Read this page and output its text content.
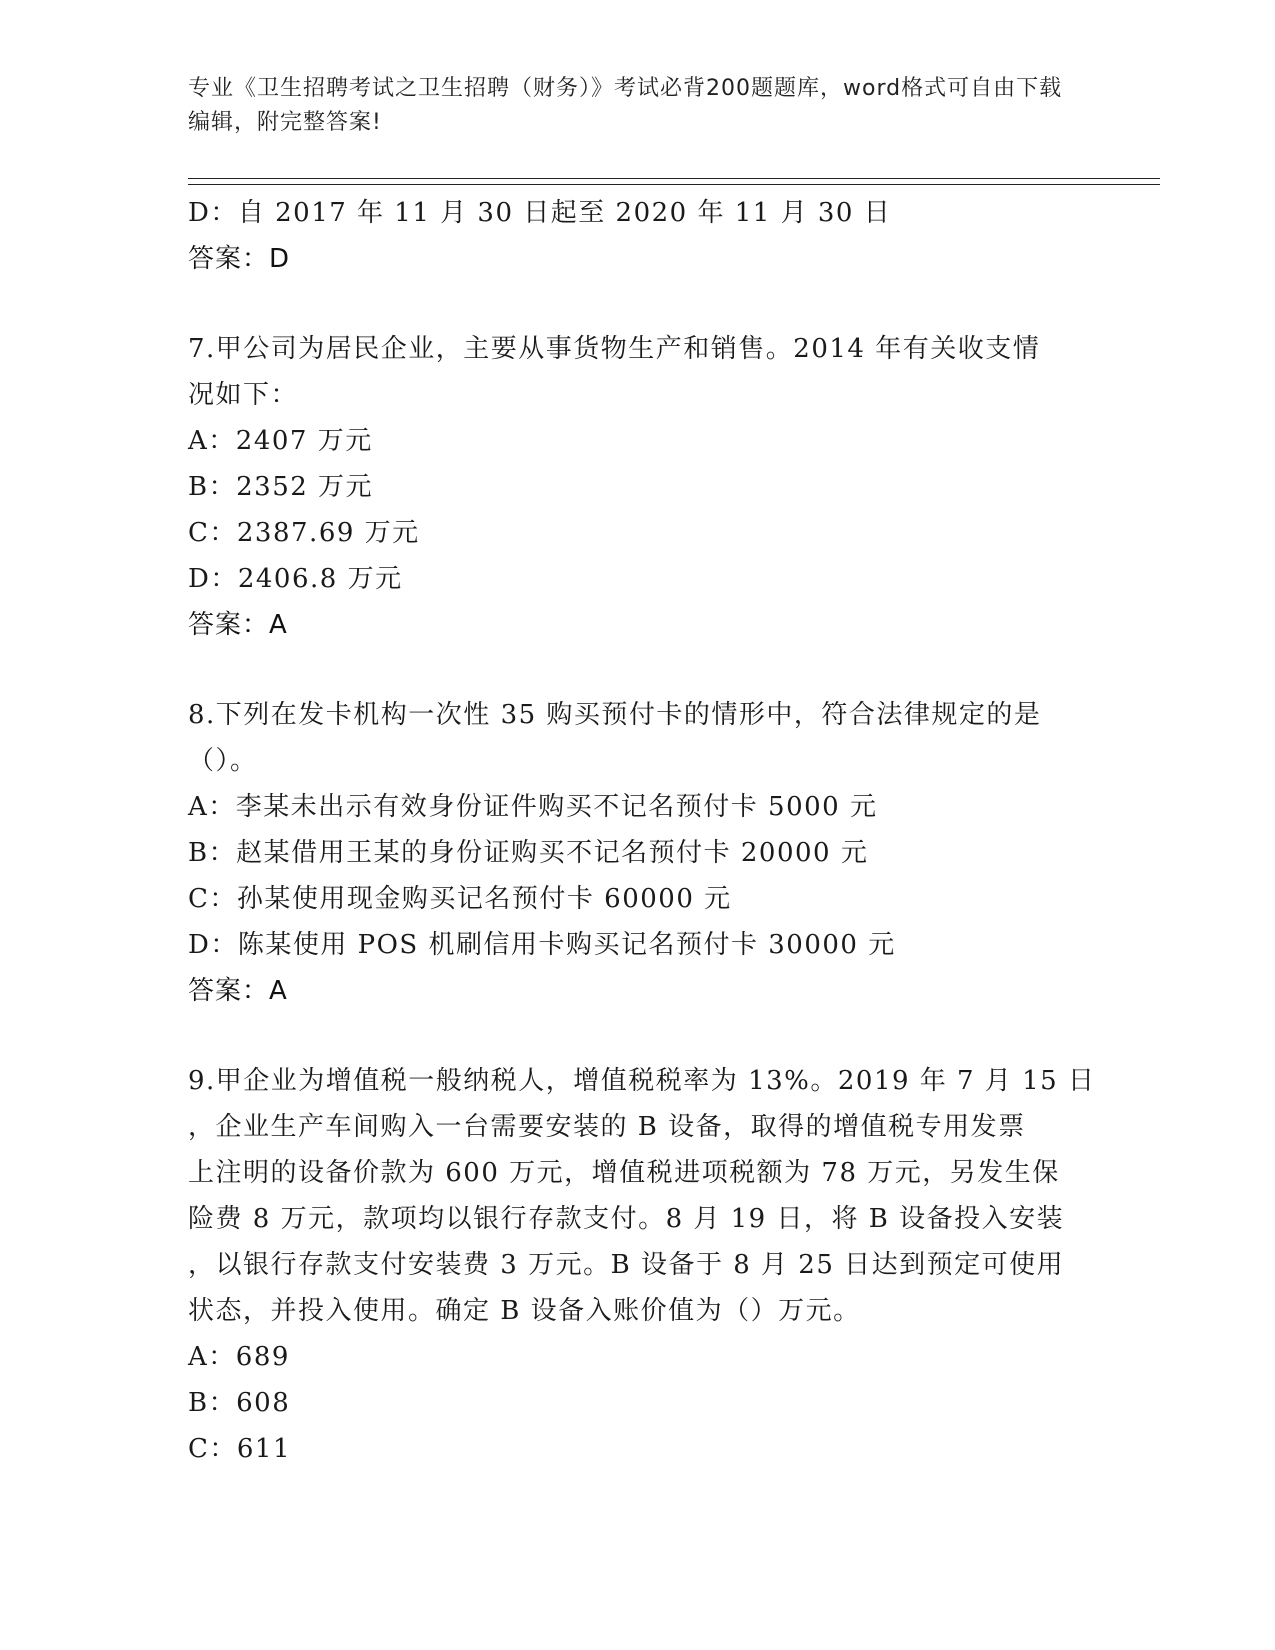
专业《卫生招聘考试之卫生招聘（财务）》考试必背200题题库，word格式可自由下载编辑，附完整答案!
D：自 2017 年 11 月 30 日起至 2020 年 11 月 30 日
答案：D
7.甲公司为居民企业，主要从事货物生产和销售。2014 年有关收支情况如下：
A：2407 万元
B：2352 万元
C：2387.69 万元
D：2406.8 万元
答案：A
8.下列在发卡机构一次性 35 购买预付卡的情形中，符合法律规定的是（）。
A：李某未出示有效身份证件购买不记名预付卡 5000 元
B：赵某借用王某的身份证购买不记名预付卡 20000 元
C：孙某使用现金购买记名预付卡 60000 元
D：陈某使用 POS 机刷信用卡购买记名预付卡 30000 元
答案：A
9.甲企业为增值税一般纳税人，增值税税率为 13%。2019 年 7 月 15 日
，企业生产车间购入一台需要安装的 B 设备，取得的增值税专用发票
上注明的设备价款为 600 万元，增值税进项税额为 78 万元，另发生保
险费 8 万元，款项均以银行存款支付。8 月 19 日，将 B 设备投入安装
，以银行存款支付安装费 3 万元。B 设备于 8 月 25 日达到预定可使用
状态，并投入使用。确定 B 设备入账价值为（）万元。
A：689
B：608
C：611
